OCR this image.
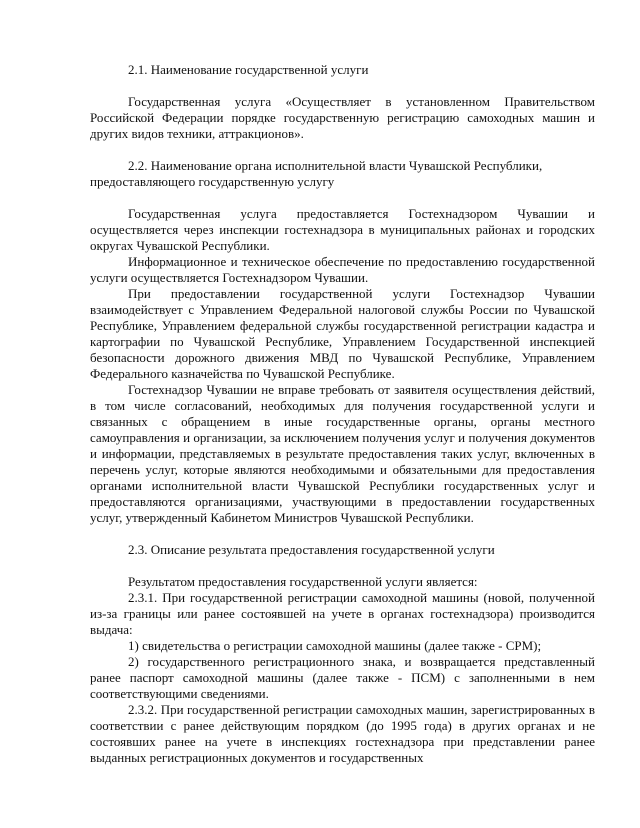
2.1. Наименование государственной услуги

Государственная услуга «Осуществляет в установленном Правительством Российской Федерации порядке государственную регистрацию самоходных машин и других видов техники, аттракционов».

2.2. Наименование органа исполнительной власти Чувашской Республики, предоставляющего государственную услугу

Государственная услуга предоставляется Гостехнадзором Чувашии и осуществляется через инспекции гостехнадзора в муниципальных районах и городских округах Чувашской Республики.

Информационное и техническое обеспечение по предоставлению государственной услуги осуществляется Гостехнадзором Чувашии.

При предоставлении государственной услуги Гостехнадзор Чувашии взаимодействует с Управлением Федеральной налоговой службы России по Чувашской Республике, Управлением федеральной службы государственной регистрации кадастра и картографии по Чувашской Республике, Управлением Государственной инспекцией безопасности дорожного движения МВД по Чувашской Республике, Управлением Федерального казначейства по Чувашской Республике.

Гостехнадзор Чувашии не вправе требовать от заявителя осуществления действий, в том числе согласований, необходимых для получения государственной услуги и связанных с обращением в иные государственные органы, органы местного самоуправления и организации, за исключением получения услуг и получения документов и информации, представляемых в результате предоставления таких услуг, включенных в перечень услуг, которые являются необходимыми и обязательными для предоставления органами исполнительной власти Чувашской Республики государственных услуг и предоставляются организациями, участвующими в предоставлении государственных услуг, утвержденный Кабинетом Министров Чувашской Республики.

2.3. Описание результата предоставления государственной услуги

Результатом предоставления государственной услуги является:

2.3.1. При государственной регистрации самоходной машины (новой, полученной из-за границы или ранее состоявшей на учете в органах гостехнадзора) производится выдача:

1) свидетельства о регистрации самоходной машины (далее также - СРМ);

2) государственного регистрационного знака, и возвращается представленный ранее паспорт самоходной машины (далее также - ПСМ) с заполненными в нем соответствующими сведениями.

2.3.2. При государственной регистрации самоходных машин, зарегистрированных в соответствии с ранее действующим порядком (до 1995 года) в других органах и не состоявших ранее на учете в инспекциях гостехнадзора при представлении ранее выданных регистрационных документов и государственных
